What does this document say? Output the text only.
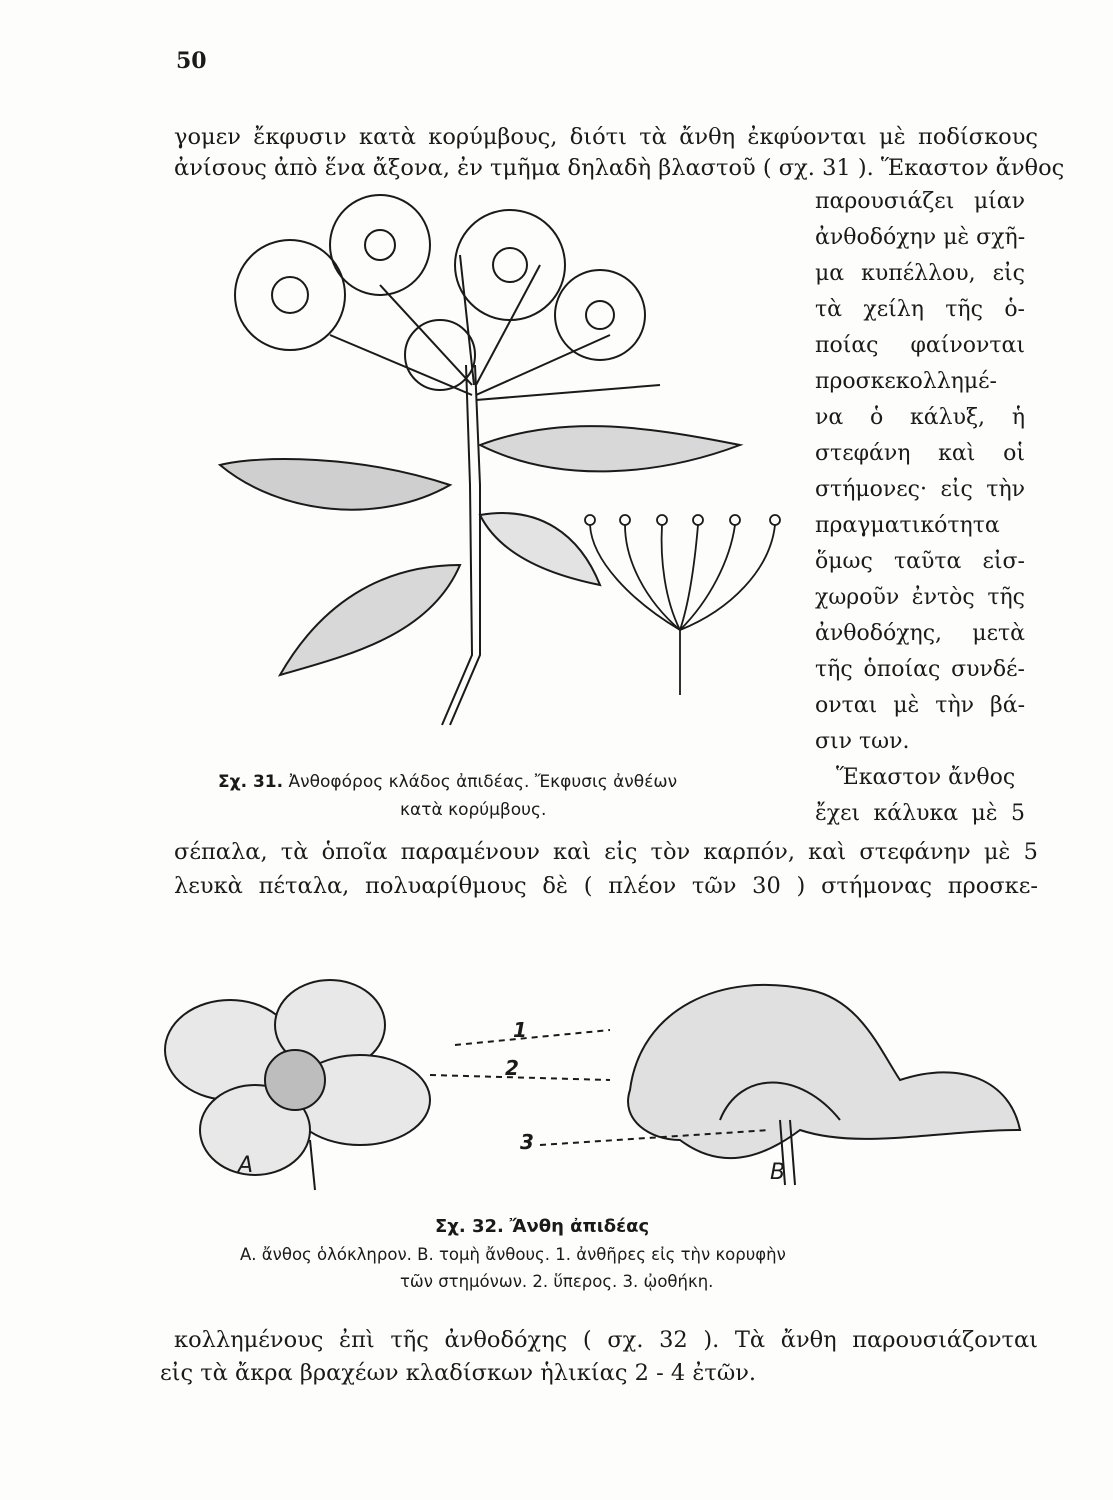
50
γομεν ἔκφυσιν κατὰ κορύμβους, διότι τὰ ἄνθη ἐκφύονται μὲ ποδίσκους
ἀνίσους ἀπὸ ἕνα ἄξονα, ἐν τμῆμα δηλαδὴ βλαστοῦ ( σχ. 31 ). Ἕκαστον ἄνθος
παρουσιάζει μίαν
ἀνθοδόχην μὲ σχῆ-
μα κυπέλλου, εἰς
τὰ χείλη τῆς ὁ-
ποίας φαίνονται
προσκεκολλημέ-
να ὁ κάλυξ, ἡ
στεφάνη καὶ οἱ
στήμονες· εἰς τὴν
πραγματικότητα
ὅμως ταῦτα εἰσ-
χωροῦν ἐντὸς τῆς
ἀνθοδόχης, μετὰ
τῆς ὁποίας συνδέ-
ονται μὲ τὴν βά-
σιν των.
Ἕκαστον ἄνθος
ἔχει κάλυκα μὲ 5
σέπαλα, τὰ ὁποῖα παραμένουν καὶ εἰς τὸν καρπόν, καὶ στεφάνην μὲ 5
λευκὰ πέταλα, πολυαρίθμους δὲ ( πλέον τῶν 30 ) στήμονας προσκε-
Σχ. 31. Ἀνθοφόρος κλάδος ἀπιδέας. Ἔκφυσις ἀνθέων
κατὰ κορύμβους.
1
2
3
A	B
Σχ. 32. Ἄνθη ἀπιδέας
Α. ἄνθος ὁλόκληρον. Β. τομὴ ἄνθους. 1. ἀνθῆρες εἰς τὴν κορυφὴν
τῶν στημόνων. 2. ὕπερος. 3. ᾠοθήκη.
κολλημένους ἐπὶ τῆς ἀνθοδόχης ( σχ. 32 ). Τὰ ἄνθη παρουσιάζονται
εἰς τὰ ἄκρα βραχέων κλαδίσκων ἡλικίας 2 - 4 ἐτῶν.
